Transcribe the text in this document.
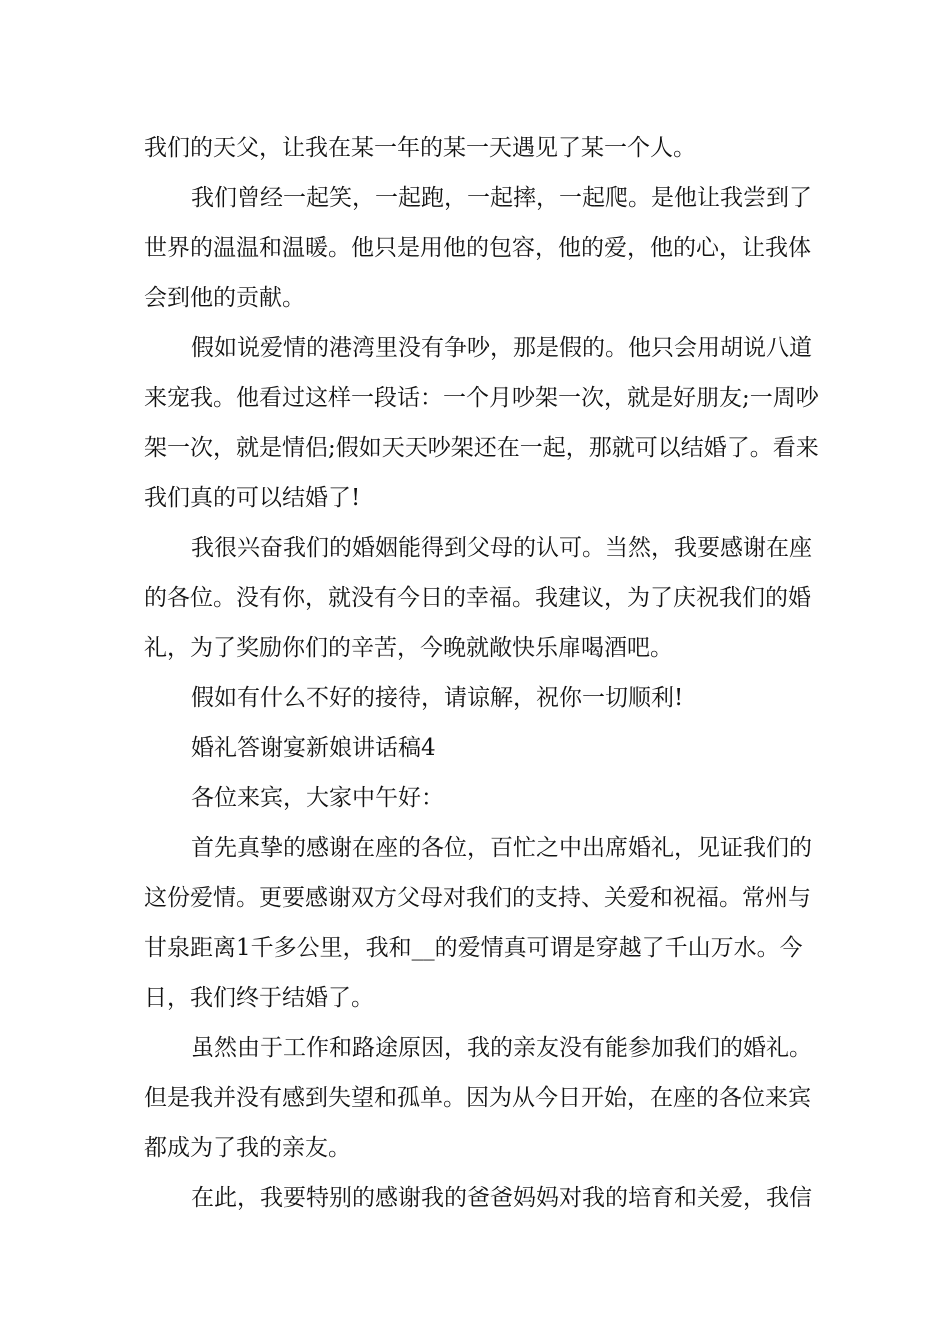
我们的天父，让我在某一年的某一天遇见了某一个人。
我们曾经一起笑，一起跑，一起摔，一起爬。是他让我尝到了
世界的温温和温暖。他只是用他的包容，他的爱，他的心，让我体
会到他的贡献。
假如说爱情的港湾里没有争吵，那是假的。他只会用胡说八道
来宠我。他看过这样一段话：一个月吵架一次，就是好朋友;一周吵
架一次，就是情侣;假如天天吵架还在一起，那就可以结婚了。看来
我们真的可以结婚了!
我很兴奋我们的婚姻能得到父母的认可。当然，我要感谢在座
的各位。没有你，就没有今日的幸福。我建议，为了庆祝我们的婚
礼，为了奖励你们的辛苦，今晚就敞快乐扉喝酒吧。
假如有什么不好的接待，请谅解，祝你一切顺利!
婚礼答谢宴新娘讲话稿4
各位来宾，大家中午好：
首先真挚的感谢在座的各位，百忙之中出席婚礼，见证我们的
这份爱情。更要感谢双方父母对我们的支持、关爱和祝福。常州与
甘泉距离1千多公里，我和__的爱情真可谓是穿越了千山万水。今
日，我们终于结婚了。
虽然由于工作和路途原因，我的亲友没有能参加我们的婚礼。
但是我并没有感到失望和孤单。因为从今日开始，在座的各位来宾
都成为了我的亲友。
在此，我要特别的感谢我的爸爸妈妈对我的培育和关爱，我信
